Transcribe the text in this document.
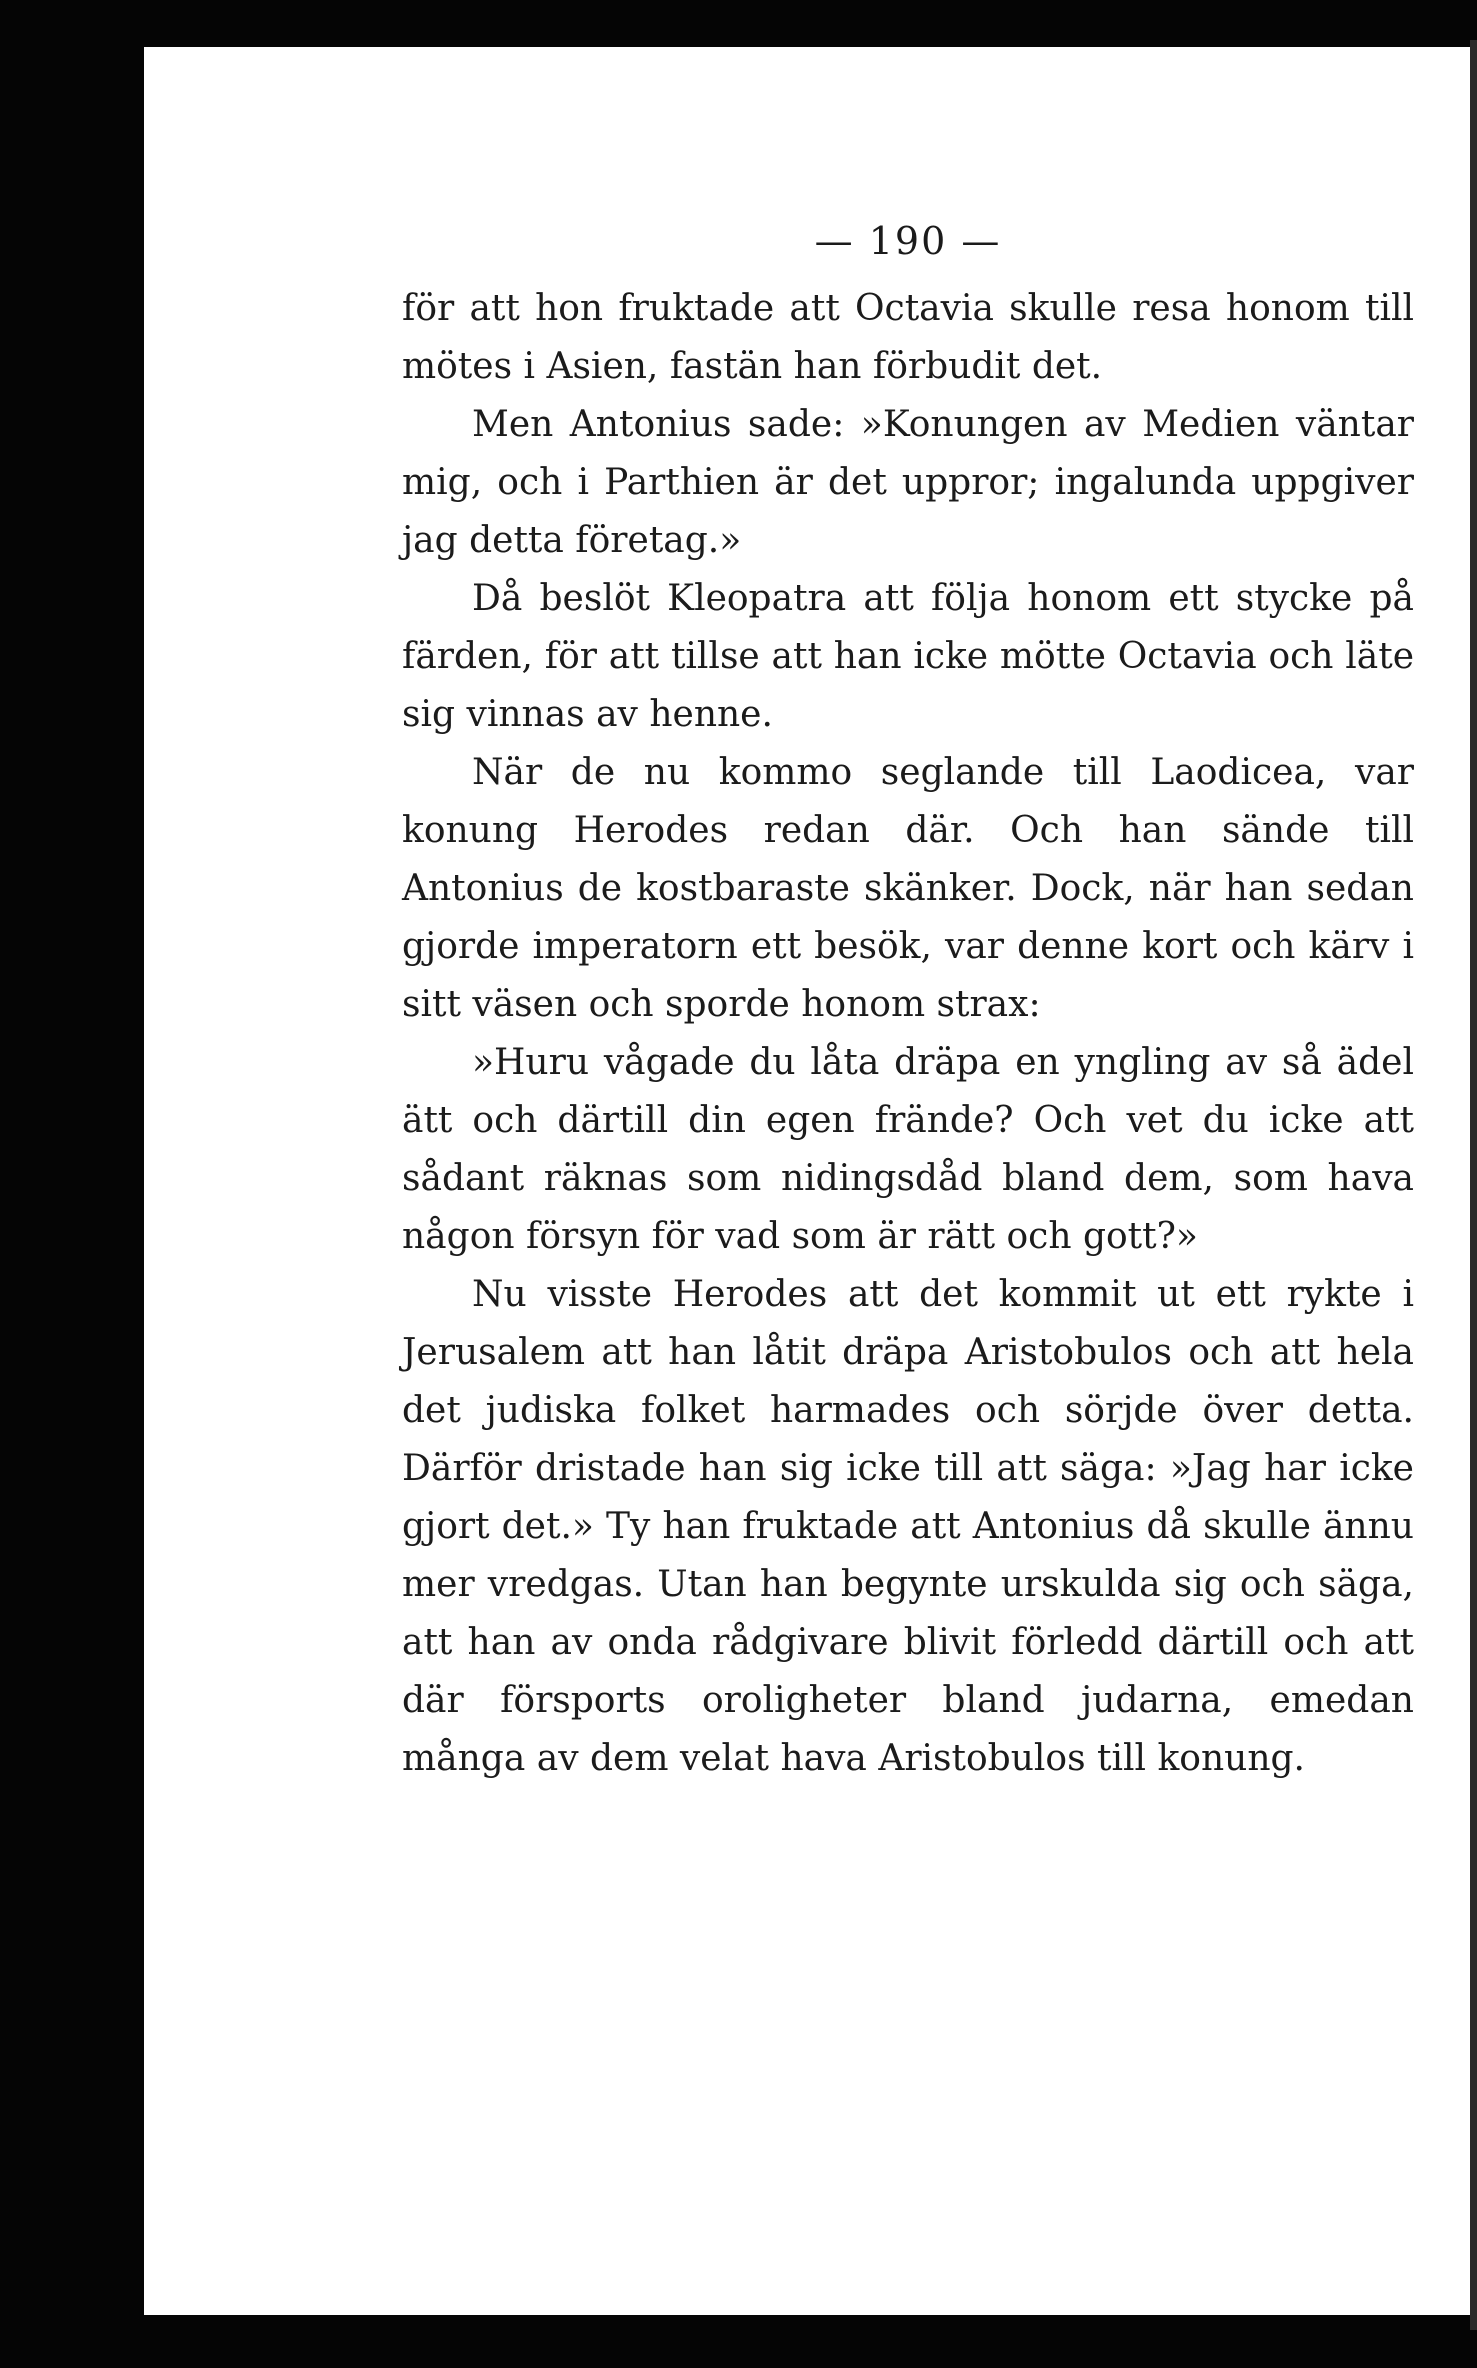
— 190 —

för att hon fruktade att Octavia skulle resa honom till mötes i Asien, fastän han förbudit det.

Men Antonius sade: »Konungen av Medien väntar mig, och i Parthien är det uppror; ingalunda uppgiver jag detta företag.»

Då beslöt Kleopatra att följa honom ett stycke på färden, för att tillse att han icke mötte Octavia och läte sig vinnas av henne.

När de nu kommo seglande till Laodicea, var konung Herodes redan där. Och han sände till Antonius de kostbaraste skänker. Dock, när han sedan gjorde imperatorn ett besök, var denne kort och kärv i sitt väsen och sporde honom strax:

»Huru vågade du låta dräpa en yngling av så ädel ätt och därtill din egen frände? Och vet du icke att sådant räknas som nidingsdåd bland dem, som hava någon försyn för vad som är rätt och gott?»

Nu visste Herodes att det kommit ut ett rykte i Jerusalem att han låtit dräpa Aristobulos och att hela det judiska folket harmades och sörjde över detta. Därför dristade han sig icke till att säga: »Jag har icke gjort det.» Ty han fruktade att Antonius då skulle ännu mer vredgas. Utan han begynte urskulda sig och säga, att han av onda rådgivare blivit förledd därtill och att där försports oroligheter bland judarna, emedan många av dem velat hava Aristobulos till konung.
